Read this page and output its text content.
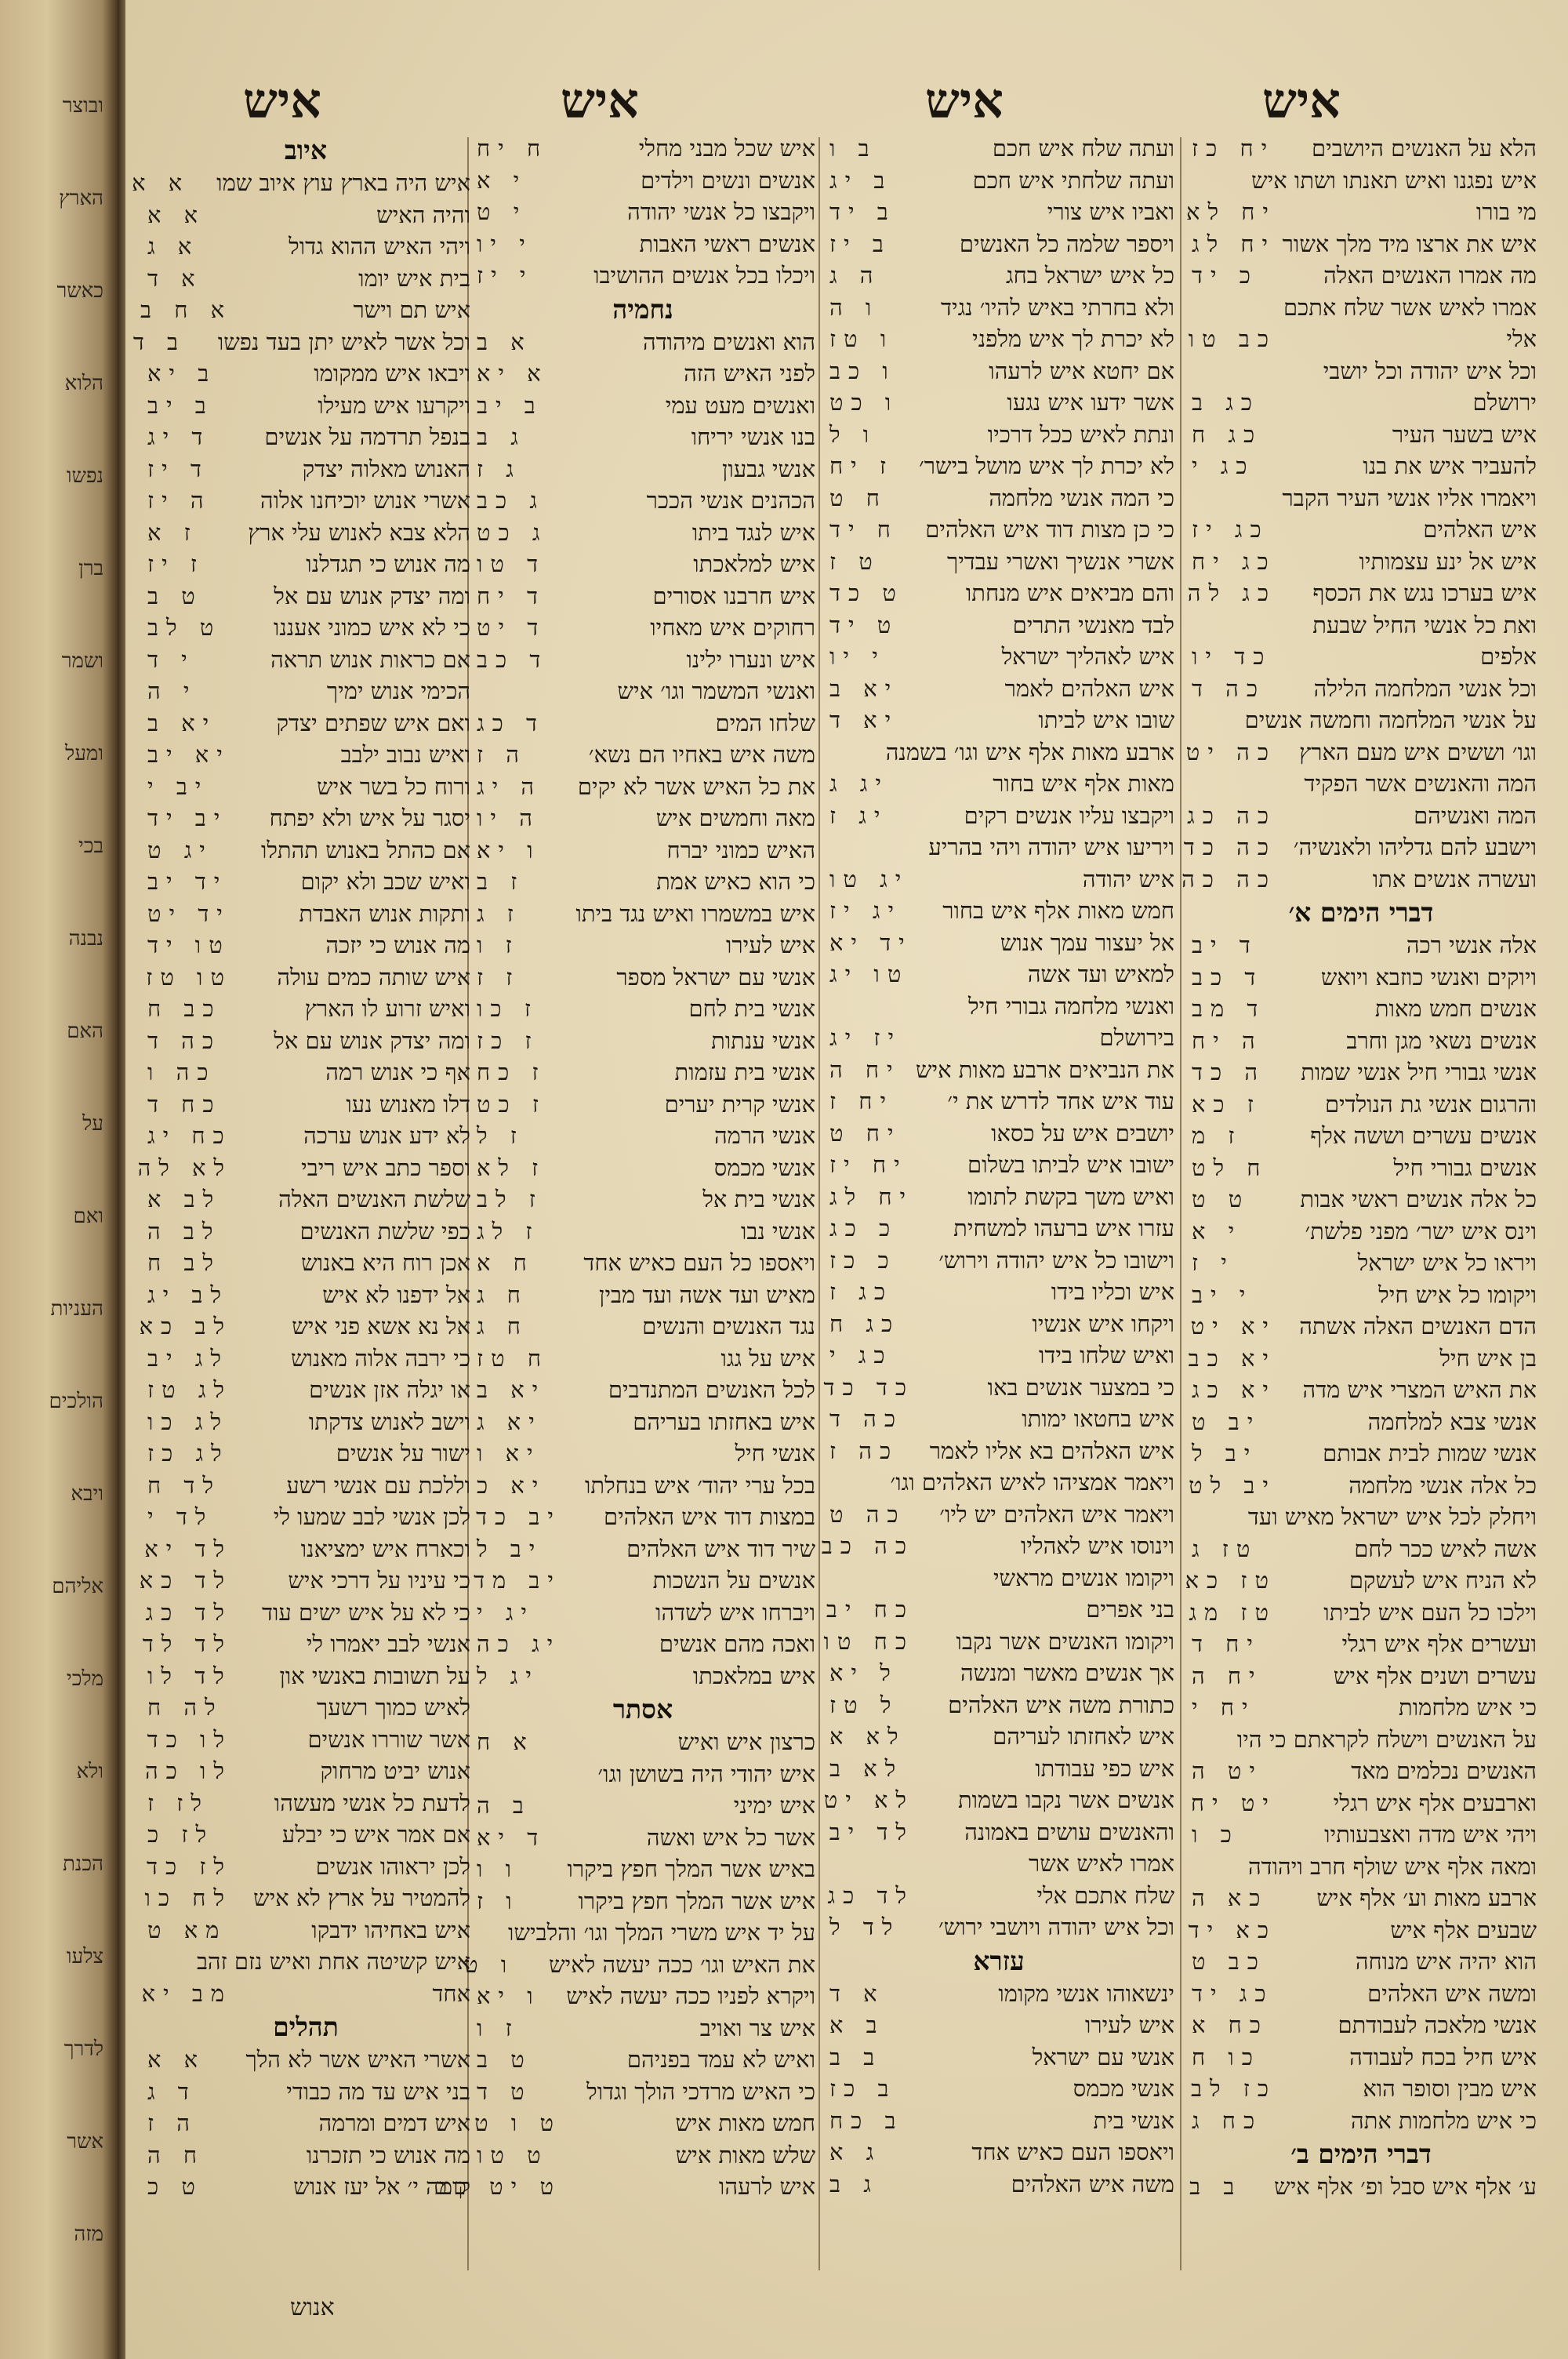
ובוצר
הארץ
כאשר
הלוא
נפשו
ברן
ושמר
ומעל
בכי
נבנה
האם
על
ואם
העניות
הולכים
ויבא
אליהם
מלכי
ולא
הכנת
צלעו
לדרך
אשר
מזה
איש
איש
איש
איש
הלא על האנשים היושבים
יח כז
איש נפגנו ואיש תאנתו ושתו איש
מי בורו
יח לא
איש את ארצו מיד מלך אשור
יח לג
מה אמרו האנשים האלה
כ יד
אמרו לאיש אשר שלח אתכם
אלי
כב טו
וכל איש יהודה וכל יושבי
ירושלם
כג ב
איש בשער העיר
כג ח
להעביר איש את בנו
כג י
ויאמרו אליו אנשי העיר הקבר
איש האלהים
כג יז
איש אל ינע עצמותיו
כג יח
איש בערכו נגש את הכסף
כג לה
ואת כל אנשי החיל שבעת
אלפים
כד יו
וכל אנשי המלחמה הלילה
כה ד
על אנשי המלחמה וחמשה אנשים
וגו׳ וששים איש מעם הארץ
כה יט
המה והאנשים אשר הפקיד
המה ואנשיהם
כה כג
וישבע להם גדליהו ולאנשיה׳
כה כד
ועשרה אנשים אתו
כה כה
דברי הימים א׳
אלה אנשי רכה
ד יב
ויוקים ואנשי כוזבא ויואש
ד כב
אנשים חמש מאות
ד מב
אנשים נשאי מגן וחרב
ה יח
אנשי גבורי חיל אנשי שמות
ה כד
והרגום אנשי גת הנולדים
ז כא
אנשים עשרים וששה אלף
ז מ
אנשים גבורי חיל
ח לט
כל אלה אנשים ראשי אבות
ט ט
וינס איש ישר׳ מפני פלשת׳
י א
ויראו כל איש ישראל
י ז
ויקומו כל איש חיל
י יב
הדם האנשים האלה אשתה
יא יט
בן איש חיל
יא כב
את האיש המצרי איש מדה
יא כג
אנשי צבא למלחמה
יב ט
אנשי שמות לבית אבותם
יב ל
כל אלה אנשי מלחמה
יב לט
ויחלק לכל איש ישראל מאיש ועד
אשה לאיש ככר לחם
טז ג
לא הניח איש לעשקם
טז כא
וילכו כל העם איש לביתו
טז מג
ועשרים אלף איש רגלי
יח ד
עשרים ושנים אלף איש
יח ה
כי איש מלחמות
יח י
על האנשים וישלח לקראתם כי היו
האנשים נכלמים מאד
יט ה
וארבעים אלף איש רגלי
יט יח
ויהי איש מדה ואצבעותיו
כ ו
ומאה אלף איש שולף חרב ויהודה
ארבע מאות וע׳ אלף איש
כא ה
שבעים אלף איש
כא יד
הוא יהיה איש מנוחה
כב ט
ומשה איש האלהים
כג יד
אנשי מלאכה לעבודתם
כח א
איש חיל בכח לעבודה
כו ח
איש מבין וסופר הוא
כז לב
כי איש מלחמות אתה
כח ג
דברי הימים ב׳
ע׳ אלף איש סבל ופ׳ אלף איש
ב ב
ועתה שלח איש חכם
ב ו
ועתה שלחתי איש חכם
ב יג
ואביו איש צורי
ב יד
ויספר שלמה כל האנשים
ב יז
כל איש ישראל בחג
ה ג
ולא בחרתי באיש להיו׳ נגיד
ו ה
לא יכרת לך איש מלפני
ו טז
אם יחטא איש לרעהו
ו כב
אשר ידעו איש נגעו
ו כט
ונתת לאיש ככל דרכיו
ו ל
לא יכרת לך איש מושל בישר׳
ז יח
כי המה אנשי מלחמה
ח ט
כי כן מצות דוד איש האלהים
ח יד
אשרי אנשיך ואשרי עבדיך
ט ז
והם מביאים איש מנחתו
ט כד
לבד מאנשי התרים
ט יד
איש לאהליך ישראל
י יו
איש האלהים לאמר
יא ב
שובו איש לביתו
יא ד
ארבע מאות אלף איש וגו׳ בשמנה
מאות אלף איש בחור
יג ג
ויקבצו עליו אנשים רקים
יג ז
ויריעו איש יהודה ויהי בהריע
איש יהודה
יג טו
חמש מאות אלף איש בחור
יג יז
אל יעצור עמך אנוש
יד יא
למאיש ועד אשה
טו יג
ואנשי מלחמה גבורי חיל
בירושלם
יז יג
את הנביאים ארבע מאות איש
יח ה
עוד איש אחד לדרש את י׳
יח ז
יושבים איש על כסאו
יח ט
ישובו איש לביתו בשלום
יח יז
ואיש משך בקשת לתומו
יח לג
עזרו איש ברעהו למשחית
כ כג
וישובו כל איש יהודה וירוש׳
כ כז
איש וכליו בידו
כג ז
ויקחו איש אנשיו
כג ח
ואיש שלחו בידו
כג י
כי במצער אנשים באו
כד כד
איש בחטאו ימותו
כה ד
איש האלהים בא אליו לאמר
כה ז
ויאמר אמציהו לאיש האלהים וגו׳
ויאמר איש האלהים יש ליו׳
כה ט
וינוסו איש לאהליו
כה כב
ויקומו אנשים מראשי
בני אפרים
כח יב
ויקומו האנשים אשר נקבו
כח טו
אך אנשים מאשר ומנשה
ל יא
כתורת משה איש האלהים
ל טז
איש לאחזתו לעריהם
לא א
איש כפי עבודתו
לא ב
אנשים אשר נקבו בשמות
לא יט
והאנשים עושים באמונה
לד יב
אמרו לאיש אשר
שלח אתכם אלי
לד כג
וכל איש יהודה ויושבי ירוש׳
לד ל
עזרא
ינשאוהו אנשי מקומו
א ד
איש לעירו
ב א
אנשי עם ישראל
ב ב
אנשי מכמס
ב כז
אנשי בית
ב כח
ויאספו העם כאיש אחד
ג א
משה איש האלהים
ג ב
איש שכל מבני מחלי
ח יח
אנשים ונשים וילדים
י א
ויקבצו כל אנשי יהודה
י ט
אנשים ראשי האבות
י יו
ויכלו בכל אנשים ההושיבו
י יז
נחמיה
הוא ואנשים מיהודה
א ב
לפני האיש הזה
א יא
ואנשים מעט עמי
ב יב
בנו אנשי יריחו
ג ב
אנשי גבעון
ג ז
הכהנים אנשי הככר
ג כב
איש לנגד ביתו
ג כט
איש למלאכתו
ד טו
איש חרבנו אסורים
ד יח
רחוקים איש מאחיו
ד יט
איש ונערו ילינו
ד כב
ואנשי המשמר וגו׳ איש
שלחו המים
ד כג
משה איש באחיו הם נשא׳
ה ז
את כל האיש אשר לא יקים
ה יג
מאה וחמשים איש
ה יו
האיש כמוני יברח
ו יא
כי הוא כאיש אמת
ז ב
איש במשמרו ואיש נגד ביתו
ז ג
איש לעירו
ז ו
אנשי עם ישראל מספר
ז ז
אנשי בית לחם
ז כו
אנשי ענתות
ז כז
אנשי בית עזמות
ז כח
אנשי קרית יערים
ז כט
אנשי הרמה
ז ל
אנשי מכמס
ז לא
אנשי בית אל
ז לב
אנשי נבו
ז לג
ויאספו כל העם כאיש אחד
ח א
מאיש ועד אשה ועד מבין
ח ג
נגד האנשים והנשים
ח ג
איש על גגו
ח טז
לכל האנשים המתנדבים
יא ב
איש באחזתו בעריהם
יא ג
אנשי חיל
יא ו
בכל ערי יהוד׳ איש בנחלתו
יא כ
במצות דוד איש האלהים
יב כד
שיר דוד איש האלהים
יב ל
אנשים על הנשכות
יב מד
ויברחו איש לשדהו
יג י
ואכה מהם אנשים
יג כה
איש במלאכתו
יג ל
אסתר
כרצון איש ואיש
א ח
איש יהודי היה בשושן וגו׳
איש ימיני
ב ה
אשר כל איש ואשה
ד יא
באיש אשר המלך חפץ ביקרו
ו ו
איש אשר המלך חפץ ביקרו
ו ז
על יד איש משרי המלך וגו׳ והלבישו
את האיש וגו׳ ככה יעשה לאיש
ו ט
ויקרא לפניו ככה יעשה לאיש
ו יא
איש צר ואויב
ז ו
ואיש לא עמד בפניהם
ט ב
כי האיש מרדכי הולך וגדול
ט ד
חמש מאות איש
ט ו ט
שלש מאות איש
ט טו
איש לרעהו
ט יט כב
איוב
איש היה בארץ עוץ איוב שמו
א א
והיה האיש
א א
ויהי האיש ההוא גדול
א ג
בית איש יומו
א ד
איש תם וישר
א ח ב
וכל אשר לאיש יתן בעד נפשו
ב ד
ויבאו איש ממקומו
ב יא
ויקרעו איש מעילו
ב יב
בנפל תרדמה על אנשים
ד יג
האנוש מאלוה יצדק
ד יז
אשרי אנוש יוכיחנו אלוה
ה יז
הלא צבא לאנוש עלי ארץ
ז א
מה אנוש כי תגדלנו
ז יז
ומה יצדק אנוש עם אל
ט ב
כי לא איש כמוני אעננו
ט לב
אם כראות אנוש תראה
י ד
הכימי אנוש ימיך
י ה
ואם איש שפתים יצדק
יא ב
ואיש נבוב ילבב
יא יב
ורוח כל בשר איש
יב י
יסגר על איש ולא יפתח
יב יד
אם כהתל באנוש תהתלו
יג ט
ואיש שכב ולא יקום
יד יב
ותקות אנוש האבדת
יד יט
מה אנוש כי יזכה
טו יד
איש שותה כמים עולה
טו טז
ואיש זרוע לו הארץ
כב ח
ומה יצדק אנוש עם אל
כה ד
אף כי אנוש רמה
כה ו
דלו מאנוש נעו
כח ד
לא ידע אנוש ערכה
כח יג
וספר כתב איש ריבי
לא לה
שלשת האנשים האלה
לב א
כפי שלשת האנשים
לב ה
אכן רוח היא באנוש
לב ח
אל ידפנו לא איש
לב יג
אל נא אשא פני איש
לב כא
כי ירבה אלוה מאנוש
לג יב
או יגלה אזן אנשים
לג טז
וישב לאנוש צדקתו
לג כו
ישור על אנשים
לג כז
וללכת עם אנשי רשע
לד ח
לכן אנשי לבב שמעו לי
לד י
וכארח איש ימציאנו
לד יא
כי עיניו על דרכי איש
לד כא
כי לא על איש ישים עוד
לד כג
אנשי לבב יאמרו לי
לד לד
על תשובות באנשי און
לד לו
לאיש כמוך רשעך
לה ח
אשר שוררו אנשים
לו כד
אנוש יביט מרחוק
לו כה
לדעת כל אנשי מעשהו
לז ז
אם אמר איש כי יבלע
לז כ
לכן יראוהו אנשים
לז כד
להמטיר על ארץ לא איש
לח כו
איש באחיהו ידבקו
מא ט
איש קשיטה אחת ואיש נזם זהב
אחד
מב יא
תהלים
אשרי האיש אשר לא הלך
א א
בני איש עד מה כבודי
ד ג
איש דמים ומרמה
ה ז
מה אנוש כי תזכרנו
ח ה
קומה י׳ אל יעז אנוש
ט כ
אנוש
